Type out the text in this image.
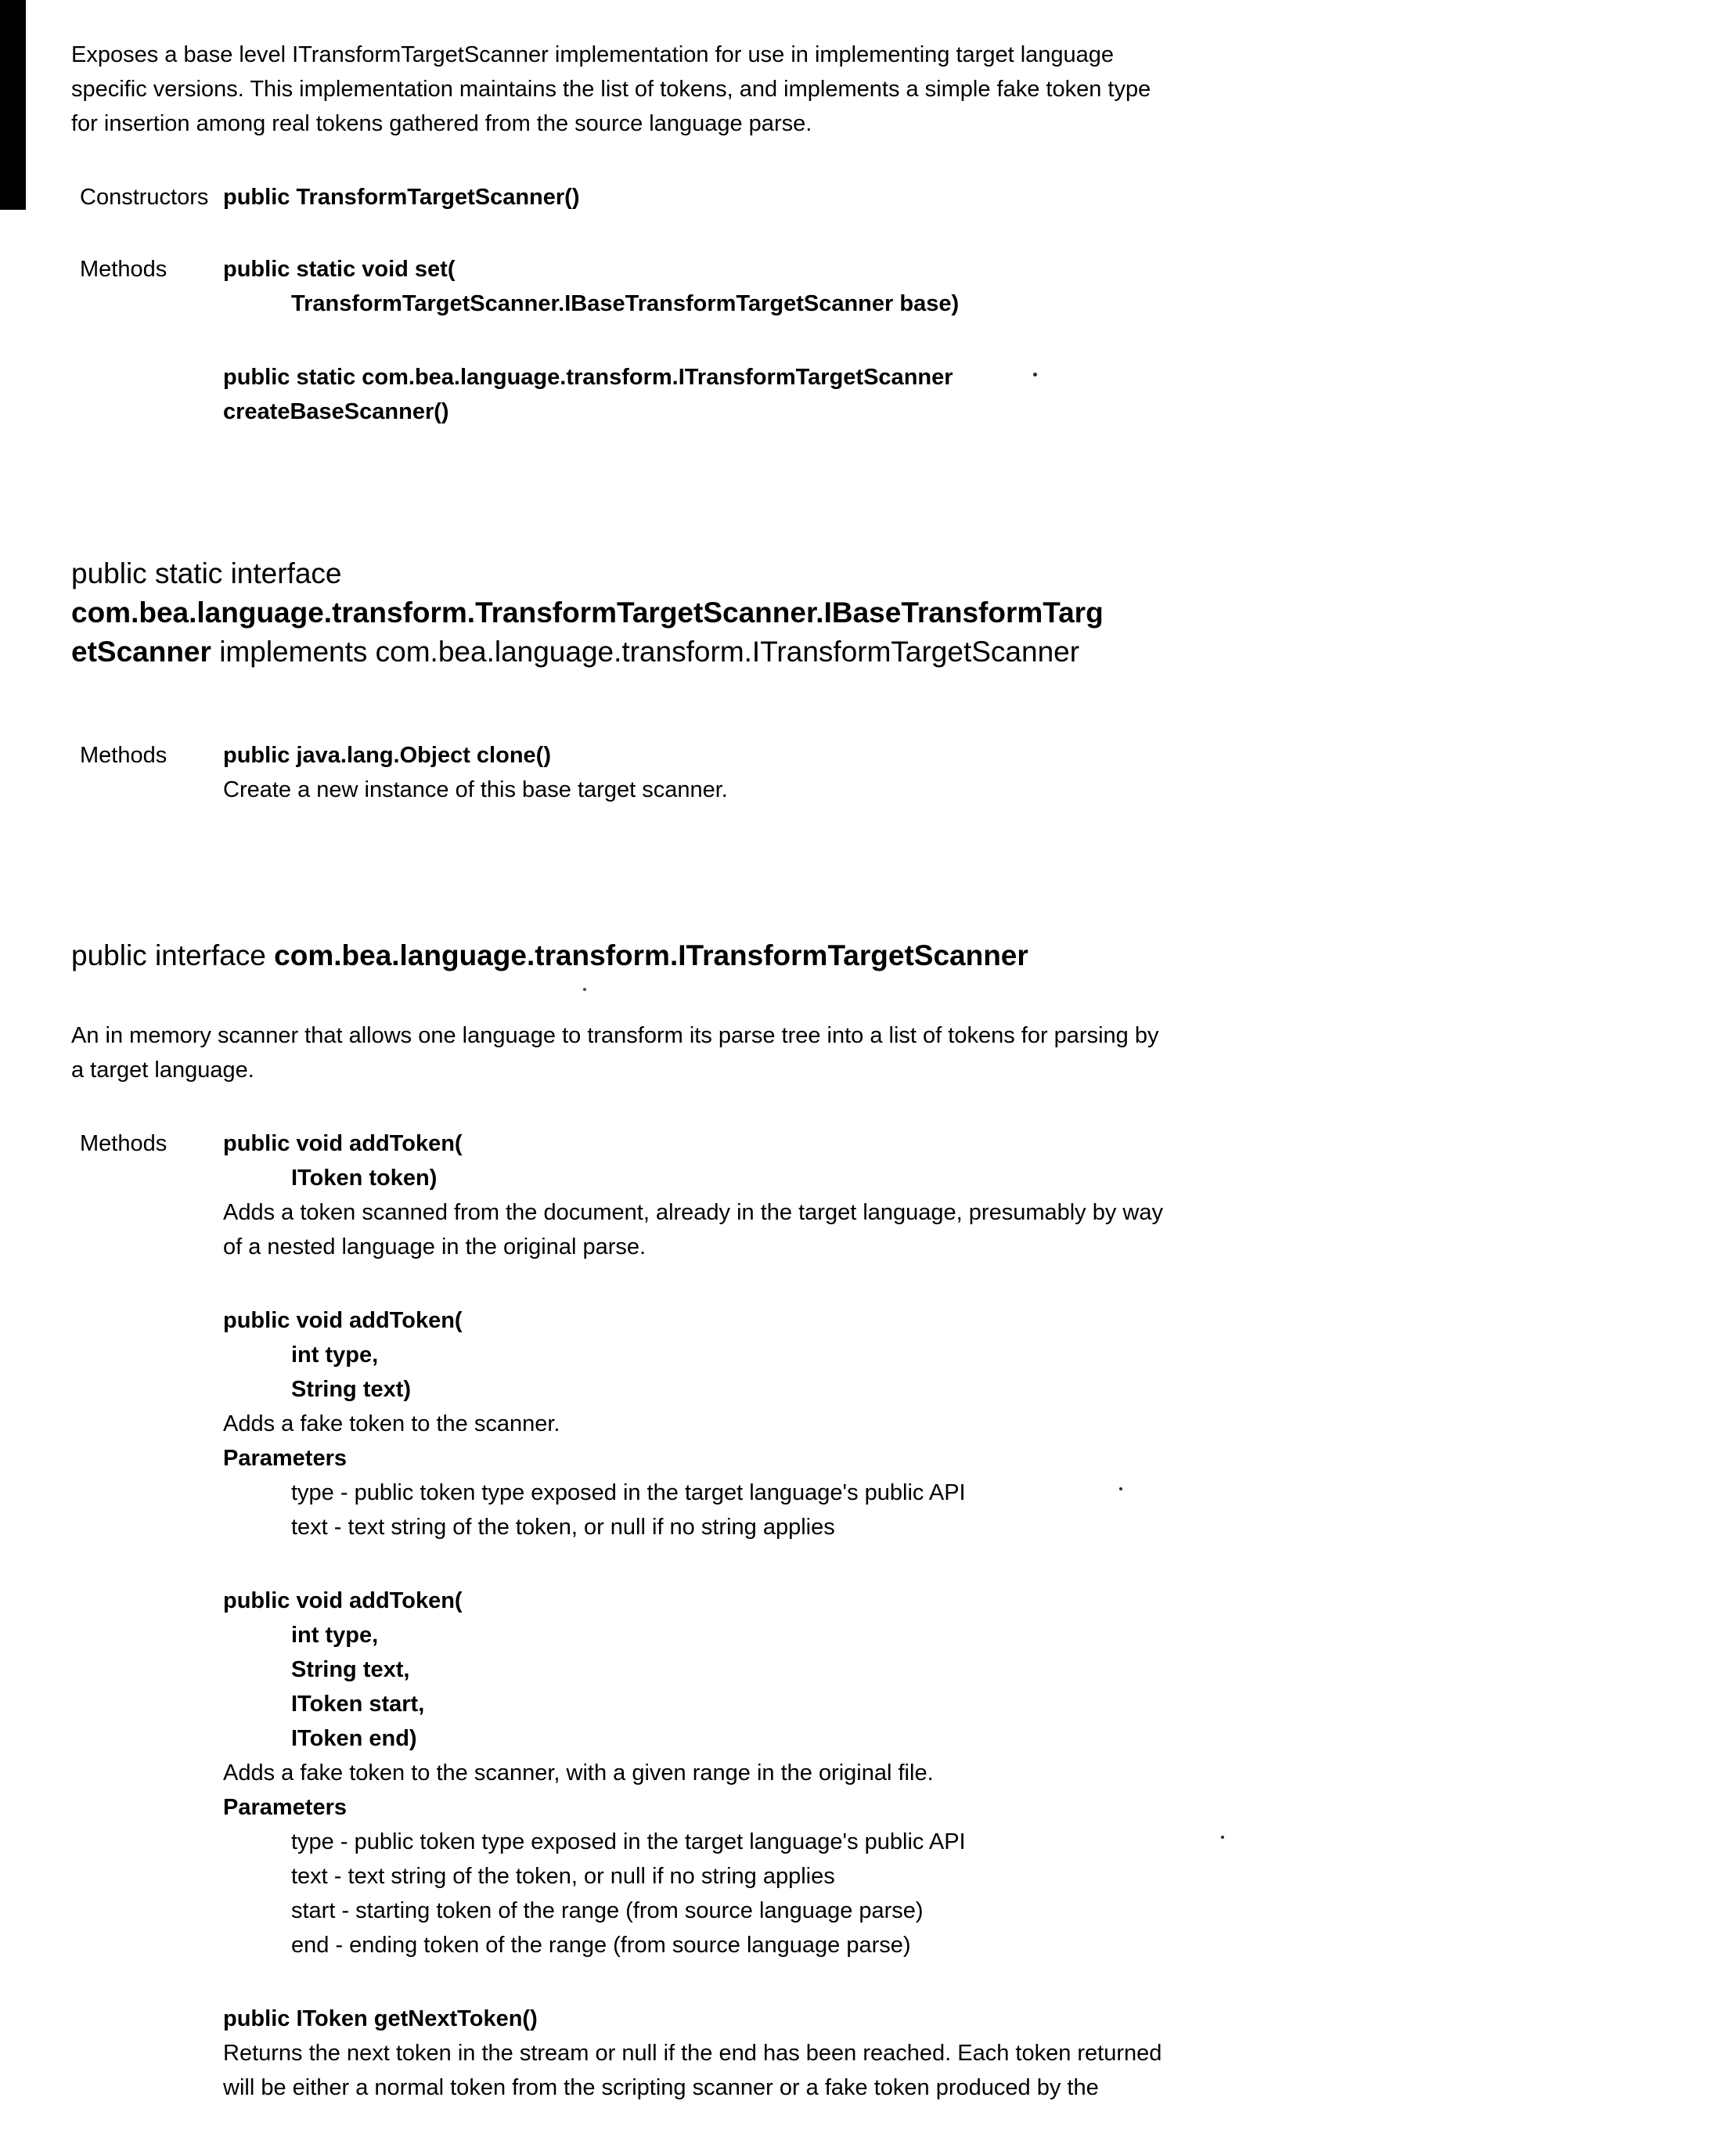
Exposes a base level ITransformTargetScanner implementation for use in implementing target language
specific versions. This implementation maintains the list of tokens, and implements a simple fake token type
for insertion among real tokens gathered from the source language parse.
Constructors public TransformTargetScanner()
Methods	public static void set(
TransformTargetScanner.IBaseTransformTargetScanner base)
public static com.bea.language.transform.ITransformTargetScanner
createBaseScanner()
public static interface
com.bea.language.transform.TransformTargetScanner.IBaseTransformTarg
etScanner implements com.bea.language.transform.ITransformTargetScanner
Methods	public java.lang.Object clone()
Create a new instance of this base target scanner.
public interface com.bea.language.transform.ITransformTargetScanner
An in memory scanner that allows one language to transform its parse tree into a list of tokens for parsing by
a target language.
Methods	public void addToken(
IToken token)
Adds a token scanned from the document, already in the target language, presumably by way
of a nested language in the original parse.
public void addToken(
int type,
String text)
Adds a fake token to the scanner.
Parameters
type - public token type exposed in the target language's public API
text - text string of the token, or null if no string applies
public void addToken(
int type,
String text,
IToken start,
IToken end)
Adds a fake token to the scanner, with a given range in the original file.
Parameters
type - public token type exposed in the target language's public API
text - text string of the token, or null if no string applies
start - starting token of the range (from source language parse)
end - ending token of the range (from source language parse)
public IToken getNextToken()
Returns the next token in the stream or null if the end has been reached. Each token returned
will be either a normal token from the scripting scanner or a fake token produced by the
